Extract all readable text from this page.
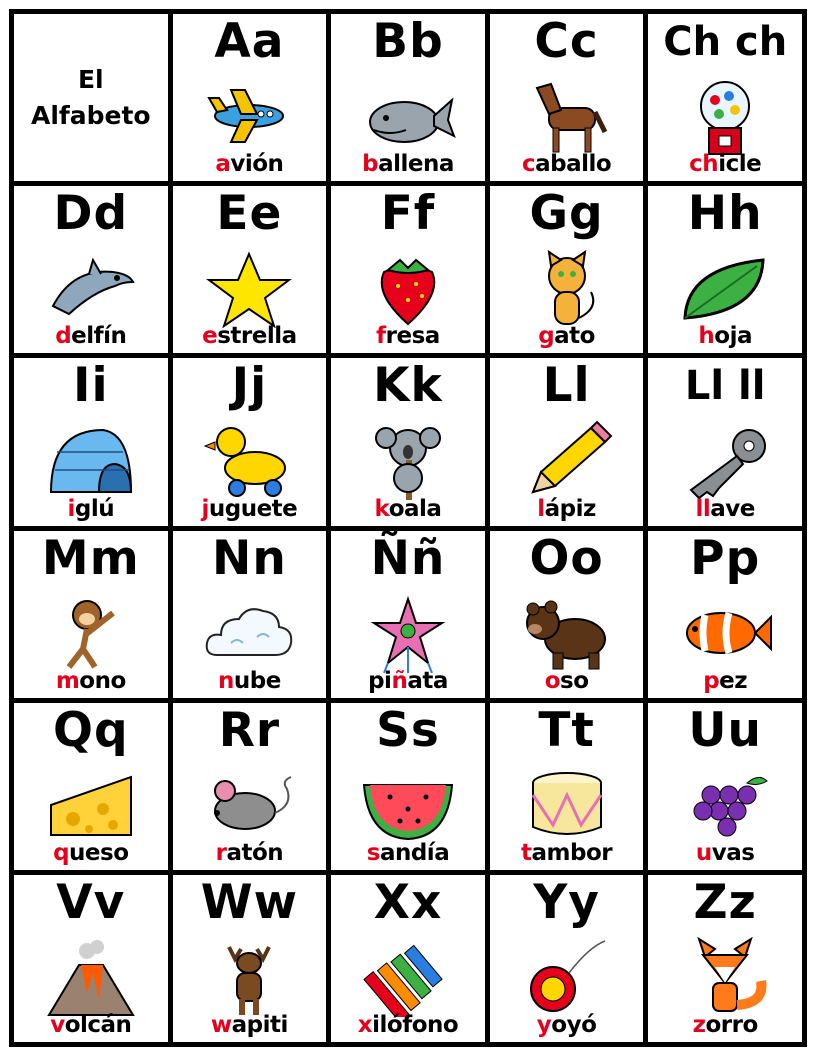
El
Alfabeto
Aa
avión
Bb
ballena
Cc
caballo
Ch ch
chicle
Dd
delfín
Ee
estrella
Ff
fresa
Gg
gato
Hh
hoja
Ii
iglú
Jj
juguete
Kk
koala
Ll
lápiz
Ll ll
llave
Mm
mono
Nn
nube
Ññ
piñata
Oo
oso
Pp
pez
Qq
queso
Rr
ratón
Ss
sandía
Tt
tambor
Uu
uvas
Vv
volcán
Ww
wapiti
Xx
xilófono
Yy
yoyó
Zz
zorro
